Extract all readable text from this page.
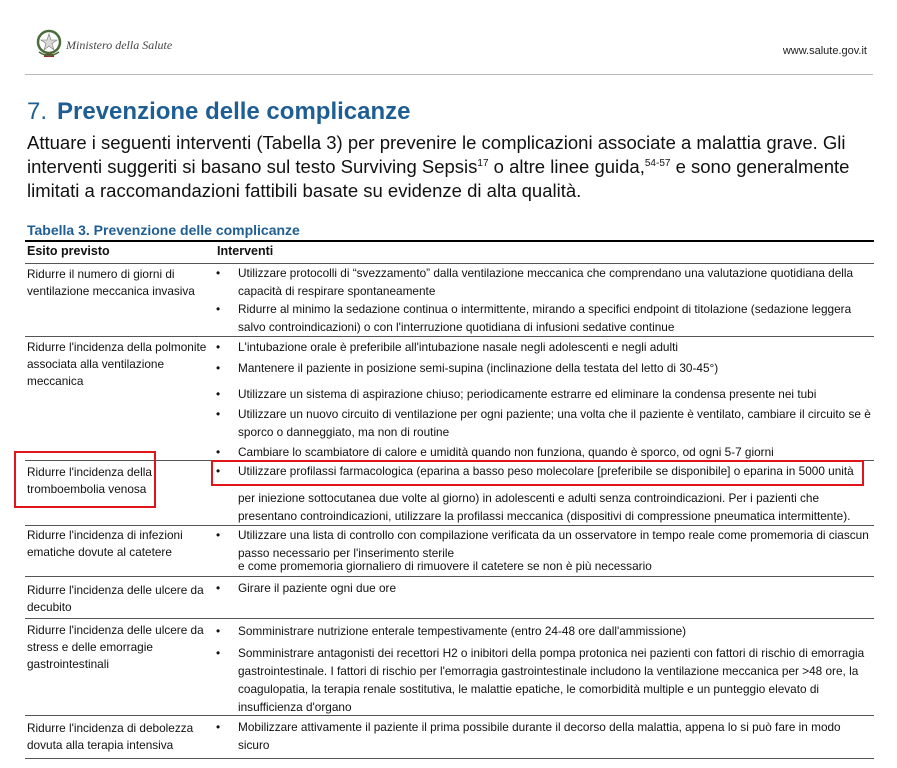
Ministero della Salute	www.salute.gov.it
7. Prevenzione delle complicanze
Attuare i seguenti interventi (Tabella 3) per prevenire le complicazioni associate a malattia grave. Gli interventi suggeriti si basano sul testo Surviving Sepsis$^{17}$ o altre linee guida,$^{54-57}$ e sono generalmente limitati a raccomandazioni fattibili basate su evidenze di alta qualità.
Tabella 3. Prevenzione delle complicanze
Esito previsto	Interventi
Ridurre il numero di giorni di ventilazione meccanica invasiva
• Utilizzare protocolli di “svezzamento” dalla ventilazione meccanica che comprendano una valutazione quotidiana della capacità di respirare spontaneamente
• Ridurre al minimo la sedazione continua o intermittente, mirando a specifici endpoint di titolazione (sedazione leggera salvo controindicazioni) o con l'interruzione quotidiana di infusioni sedative continue
Ridurre l'incidenza della polmonite associata alla ventilazione meccanica
• L'intubazione orale è preferibile all'intubazione nasale negli adolescenti e negli adulti
• Mantenere il paziente in posizione semi-supina (inclinazione della testata del letto di 30-45°)
• Utilizzare un sistema di aspirazione chiuso; periodicamente estrarre ed eliminare la condensa presente nei tubi
• Utilizzare un nuovo circuito di ventilazione per ogni paziente; una volta che il paziente è ventilato, cambiare il circuito se è sporco o danneggiato, ma non di routine
• Cambiare lo scambiatore di calore e umidità quando non funziona, quando è sporco, od ogni 5-7 giorni
Ridurre l'incidenza della tromboembolia venosa
• Utilizzare profilassi farmacologica (eparina a basso peso molecolare [preferibile se disponibile] o eparina in 5000 unità
per iniezione sottocutanea due volte al giorno) in adolescenti e adulti senza controindicazioni. Per i pazienti che presentano controindicazioni, utilizzare la profilassi meccanica (dispositivi di compressione pneumatica intermittente).
Ridurre l'incidenza di infezioni ematiche dovute al catetere
• Utilizzare una lista di controllo con compilazione verificata da un osservatore in tempo reale come promemoria di ciascun passo necessario per l'inserimento sterile
e come promemoria giornaliero di rimuovere il catetere se non è più necessario
Ridurre l'incidenza delle ulcere da decubito
• Girare il paziente ogni due ore
Ridurre l'incidenza delle ulcere da stress e delle emorragie gastrointestinali
• Somministrare nutrizione enterale tempestivamente (entro 24-48 ore dall'ammissione)
• Somministrare antagonisti dei recettori H2 o inibitori della pompa protonica nei pazienti con fattori di rischio di emorragia gastrointestinale. I fattori di rischio per l'emorragia gastrointestinale includono la ventilazione meccanica per >48 ore, la coagulopatia, la terapia renale sostitutiva, le malattie epatiche, le comorbidità multiple e un punteggio elevato di insufficienza d'organo
Ridurre l'incidenza di debolezza dovuta alla terapia intensiva
• Mobilizzare attivamente il paziente il prima possibile durante il decorso della malattia, appena lo si può fare in modo sicuro
